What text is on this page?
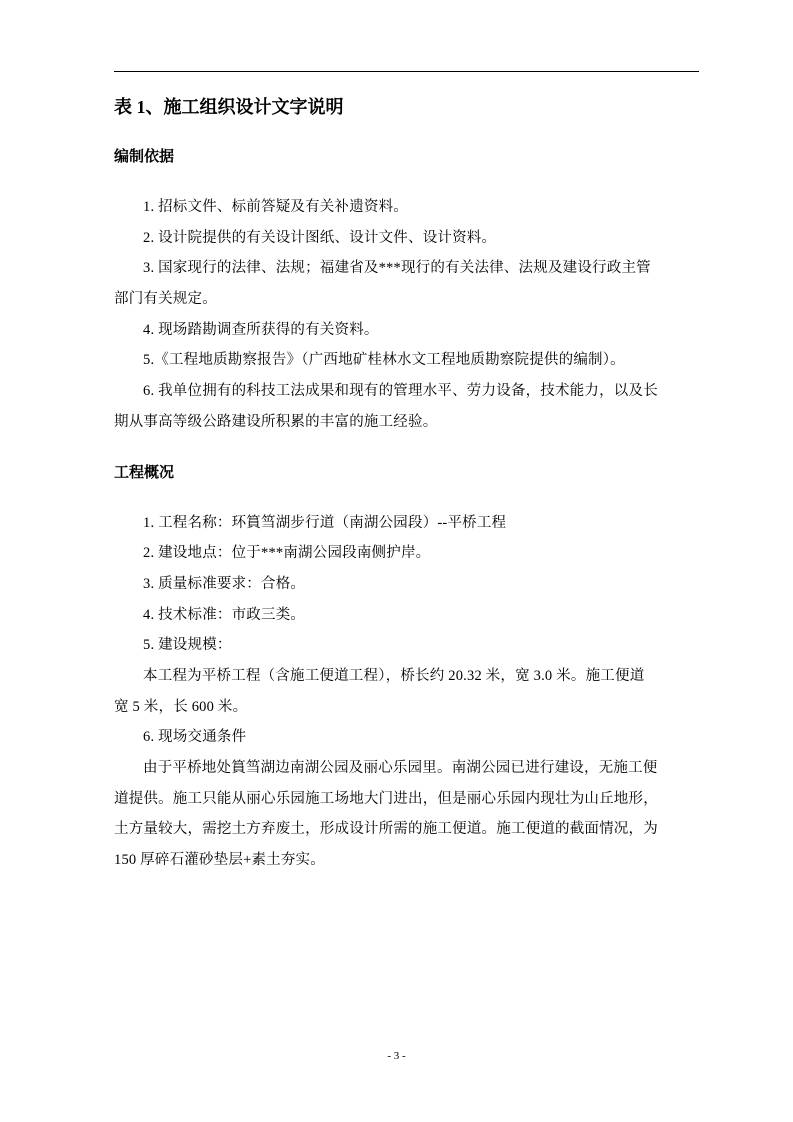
表 1、施工组织设计文字说明
编制依据
1. 招标文件、标前答疑及有关补遗资料。
2. 设计院提供的有关设计图纸、设计文件、设计资料。
3. 国家现行的法律、法规；福建省及***现行的有关法律、法规及建设行政主管
部门有关规定。
4. 现场踏勘调查所获得的有关资料。
5.《工程地质勘察报告》（广西地矿桂林水文工程地质勘察院提供的编制）。
6. 我单位拥有的科技工法成果和现有的管理水平、劳力设备，技术能力，以及长
期从事高等级公路建设所积累的丰富的施工经验。
工程概况
1. 工程名称：环篔筜湖步行道（南湖公园段）--平桥工程
2. 建设地点：位于***南湖公园段南侧护岸。
3. 质量标准要求：合格。
4. 技术标准：市政三类。
5. 建设规模：
本工程为平桥工程（含施工便道工程），桥长约 20.32 米，宽 3.0 米。施工便道
宽 5 米，长 600 米。
6. 现场交通条件
由于平桥地处篔筜湖边南湖公园及丽心乐园里。南湖公园已进行建设，无施工便
道提供。施工只能从丽心乐园施工场地大门进出，但是丽心乐园内现壮为山丘地形，
土方量较大，需挖土方弃废土，形成设计所需的施工便道。施工便道的截面情况，为
150 厚碎石灌砂垫层+素土夯实。
- 3 -
